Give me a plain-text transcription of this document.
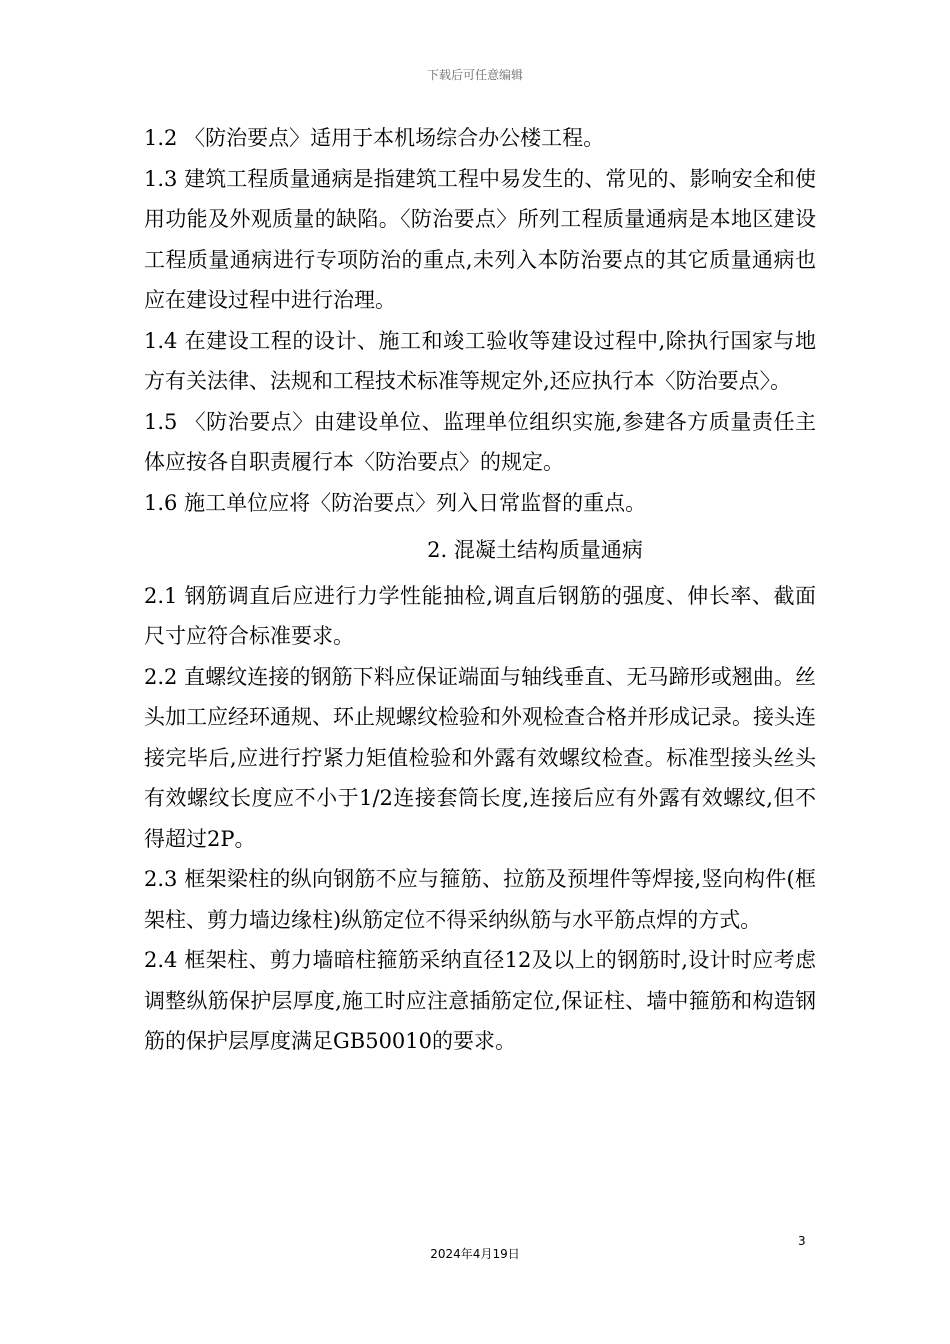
下载后可任意编辑

1.2 〈防治要点〉适用于本机场综合办公楼工程。

1.3 建筑工程质量通病是指建筑工程中易发生的、常见的、影响安全和使用功能及外观质量的缺陷。〈防治要点〉所列工程质量通病是本地区建设工程质量通病进行专项防治的重点,未列入本防治要点的其它质量通病也应在建设过程中进行治理。

1.4 在建设工程的设计、施工和竣工验收等建设过程中,除执行国家与地方有关法律、法规和工程技术标准等规定外,还应执行本〈防治要点〉。

1.5 〈防治要点〉由建设单位、监理单位组织实施,参建各方质量责任主体应按各自职责履行本〈防治要点〉的规定。

1.6 施工单位应将〈防治要点〉列入日常监督的重点。

2. 混凝土结构质量通病

2.1 钢筋调直后应进行力学性能抽检,调直后钢筋的强度、伸长率、截面尺寸应符合标准要求。

2.2 直螺纹连接的钢筋下料应保证端面与轴线垂直、无马蹄形或翘曲。丝头加工应经环通规、环止规螺纹检验和外观检查合格并形成记录。接头连接完毕后,应进行拧紧力矩值检验和外露有效螺纹检查。标准型接头丝头有效螺纹长度应不小于1/2连接套筒长度,连接后应有外露有效螺纹,但不得超过2P。

2.3 框架梁柱的纵向钢筋不应与箍筋、拉筋及预埋件等焊接,竖向构件(框架柱、剪力墙边缘柱)纵筋定位不得采纳纵筋与水平筋点焊的方式。

2.4 框架柱、剪力墙暗柱箍筋采纳直径12及以上的钢筋时,设计时应考虑调整纵筋保护层厚度,施工时应注意插筋定位,保证柱、墙中箍筋和构造钢筋的保护层厚度满足GB50010的要求。

3
2024年4月19日
